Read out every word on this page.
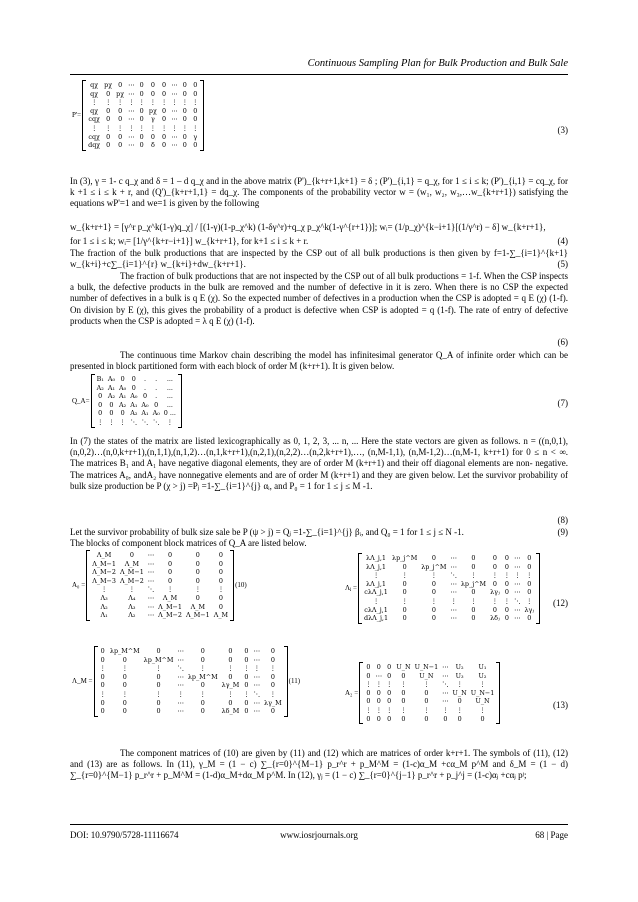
Continuous Sampling Plan for Bulk Production and Bulk Sale
P'=
qχ	pχ	0	⋯	0	0	0	⋯	0	0
qχ	0	pχ	⋯	0	0	0	⋯	0	0
⋮	⋮	⋮	⋮	⋮	⋮	⋮	⋮	⋮	⋮
qχ	0	0	⋯	0	pχ	0	⋯	0	0
cqχ	0	0	⋯	0	γ	0	⋯	0	0
⋮	⋮	⋮	⋮	⋮	⋮	⋮	⋮	⋮	⋮
cqχ	0	0	⋯	0	0	0	⋯	0	γ
dqχ	0	0	⋯	0	δ	0	⋯	0	0
(3)
In (3), γ = 1- c q_χ and δ = 1 – d q_χ and in the above matrix (P')_{k+r+1,k+1} = δ ; (P')_{i,1} = q_χ, for 1 ≤ i ≤ k; (P')_{i,1} = cq_χ, for k +1 ≤ i ≤ k + r, and (Q')_{k+r+1,1} = dq_χ. The components of the probability vector w = (w₁, w₂, w₃,…w_{k+r+1}) satisfying the equations wP'=1 and we=1 is given by the following
w_{k+r+1} = [γ^r p_χ^k(1-γ)q_χ] / [(1-γ)(1-p_χ^k) (1-δγ^r)+q_χ p_χ^k(1-γ^{r+1})]; wᵢ= (1/p_χ)^{k−i+1}[(1/γ^r) − δ] w_{k+r+1},
for 1 ≤ i ≤ k; wᵢ= [1/γ^{k+r−i+1}] w_{k+r+1}, for k+1 ≤ i ≤ k + r.	(4)
The fraction of the bulk productions that are inspected by the CSP out of all bulk productions is then given by f=1-∑_{i=1}^{k+1} w_{k+i}+c∑_{i=1}^{r} w_{k+i}+dw_{k+r+1}.	(5)
The fraction of bulk productions that are not inspected by the CSP out of all bulk productions = 1-f. When the CSP inspects a bulk, the defective products in the bulk are removed and the number of defective in it is zero. When there is no CSP the expected number of defectives in a bulk is q E (χ). So the expected number of defectives in a production when the CSP is adopted = q E (χ) (1-f). On division by E (χ), this gives the probability of a product is defective when CSP is adopted = q (1-f). The rate of entry of defective products when the CSP is adopted = λ q E (χ) (1-f).
(6)
The continuous time Markov chain describing the model has infinitesimal generator Q_A of infinite order which can be presented in block partitioned form with each block of order M (k+r+1). It is given below.
Q_A=
B₁	A₀	0	0	.	.	...
A₂	A₁	A₀	0	.	.	...
0	A₂	A₁	A₀	0	.	...
0	0	A₂	A₁	A₀	0	...
0	0	0	A₂	A₁	A₀	0 ...
⋮	⋮	⋮	⋱	⋱	⋱	⋮
(7)
In (7) the states of the matrix are listed lexicographically as 0, 1, 2, 3, ... n, ... Here the state vectors are given as follows. n = ((n,0,1),(n,0,2)…(n,0,k+r+1),(n,1,1),(n,1,2)…(n,1,k+r+1),(n,2,1),(n,2,2)…(n,2,k+r+1),…, (n,M-1,1), (n,M-1,2)…(n,M-1, k+r+1) for 0 ≤ n < ∞. The matrices B₁ and A₁ have negative diagonal elements, they are of order M (k+r+1) and their off diagonal elements are non- negative. The matrices A₀, andA₂ have nonnegative elements and are of order M (k+r+1) and they are given below. Let the survivor probability of bulk size production be P (χ > j) =Pⱼ =1-∑_{i=1}^{j} αᵢ, and P₀ = 1 for 1 ≤ j ≤ M -1.
(8)
Let the survivor probability of bulk size sale be P (ψ > j) = Qⱼ =1-∑_{i=1}^{j} βᵢ, and Q₀ = 1 for 1 ≤ j ≤ N -1.	(9)
The blocks of component block matrices of Q_A are listed below.
A₀ =
Λ_M	0	⋯	0	0	0
Λ_M−1	Λ_M	⋯	0	0	0
Λ_M−2	Λ_M−1	⋯	0	0	0
Λ_M−3	Λ_M−2	⋯	0	0	0
⋮	⋮	⋱	⋮	⋮	⋮
Λ₃	Λ₄	⋯	Λ_M	0	0
Λ₂	Λ₃	⋯	Λ_M−1	Λ_M	0
Λ₁	Λ₂	⋯	Λ_M−2	Λ_M−1	Λ_M
(10)	Λⱼ =
λΛ_j,1	λp_j^M	0	⋯	0	0	0	⋯	0
λΛ_j,1	0	λp_j^M	⋯	0	0	0	⋯	0
⋮	⋮	⋮	⋱	⋮	⋮	⋮	⋮	⋮
λΛ_j,1	0	0	⋯	λp_j^M	0	0	⋯	0
cλΛ_j,1	0	0	⋯	0	λγⱼ	0	⋯	0
⋮	⋮	⋮	⋮	⋮	⋮	⋮	⋱	⋮
cλΛ_j,1	0	0	⋯	0	0	0	⋯	λγⱼ
dλΛ_j,1	0	0	⋯	0	λδⱼ	0	⋯	0
(12)
Λ_M =
0	λp_M^M	0	⋯	0	0	0	⋯	0
0	0	λp_M^M	⋯	0	0	0	⋯	0
⋮	⋮	⋮	⋱	⋮	⋮	⋮	⋮	⋮
0	0	0	⋯	λp_M^M	0	0	⋯	0
0	0	0	⋯	0	λγ_M	0	⋯	0
⋮	⋮	⋮	⋮	⋮	⋮	⋮	⋱	⋮
0	0	0	⋯	0	0	0	⋯	λγ_M
0	0	0	⋯	0	λδ_M	0	⋯	0
(11)
A₂ =
0	0	0	U_N	U_N−1	⋯	U₂	U₁
0	⋯	0	0	U_N	⋯	U₃	U₂
⋮	⋮	⋮	⋮	⋮	⋱	⋮	⋮
0	0	0	0	0	⋯	U_N	U_N−1
0	0	0	0	0	⋯	0	U_N
⋮	⋮	⋮	⋮	⋮	⋮	⋮	⋮
0	0	0	0	0	0	0	0
(13)
The component matrices of (10) are given by (11) and (12) which are matrices of order k+r+1. The symbols of (11), (12) and (13) are as follows. In (11), γ_M = (1 − c) ∑_{r=0}^{M−1} p_r^r + p_M^M = (1-c)α_M +cα_M p^M and δ_M = (1 − d) ∑_{r=0}^{M−1} p_r^r + p_M^M = (1-d)α_M+dα_M p^M. In (12), γⱼ = (1 − c) ∑_{r=0}^{j−1} p_r^r + p_j^j = (1-c)αⱼ +cαⱼ pʲ;
DOI: 10.9790/5728-11116674	www.iosrjournals.org	68 | Page
